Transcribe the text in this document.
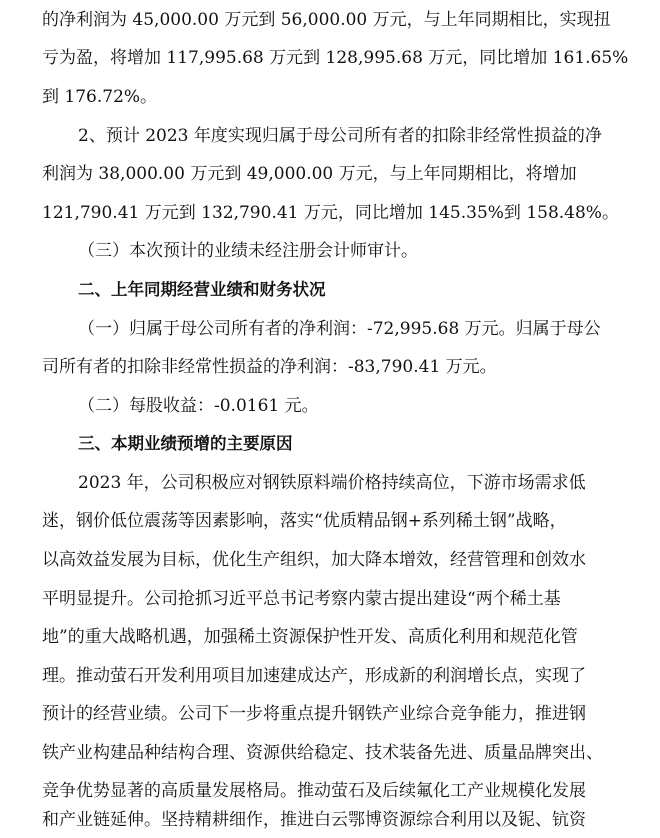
的净利润为 45,000.00 万元到 56,000.00 万元，与上年同期相比，实现扭
亏为盈，将增加 117,995.68 万元到 128,995.68 万元，同比增加 161.65%
到 176.72%。
2、预计 2023 年度实现归属于母公司所有者的扣除非经常性损益的净
利润为 38,000.00 万元到 49,000.00 万元，与上年同期相比，将增加
121,790.41 万元到 132,790.41 万元，同比增加 145.35%到 158.48%。
（三）本次预计的业绩未经注册会计师审计。
二、上年同期经营业绩和财务状况
（一）归属于母公司所有者的净利润：-72,995.68 万元。归属于母公
司所有者的扣除非经常性损益的净利润：-83,790.41 万元。
（二）每股收益：-0.0161 元。
三、本期业绩预增的主要原因
2023 年，公司积极应对钢铁原料端价格持续高位，下游市场需求低
迷，钢价低位震荡等因素影响，落实“优质精品钢+系列稀土钢”战略，
以高效益发展为目标，优化生产组织，加大降本增效，经营管理和创效水
平明显提升。公司抢抓习近平总书记考察内蒙古提出建设“两个稀土基
地”的重大战略机遇，加强稀土资源保护性开发、高质化利用和规范化管
理。推动萤石开发利用项目加速建成达产，形成新的利润增长点，实现了
预计的经营业绩。公司下一步将重点提升钢铁产业综合竞争能力，推进钢
铁产业构建品种结构合理、资源供给稳定、技术装备先进、质量品牌突出、
竞争优势显著的高质量发展格局。推动萤石及后续氟化工产业规模化发展
和产业链延伸。坚持精耕细作，推进白云鄂博资源综合利用以及铌、钪资
